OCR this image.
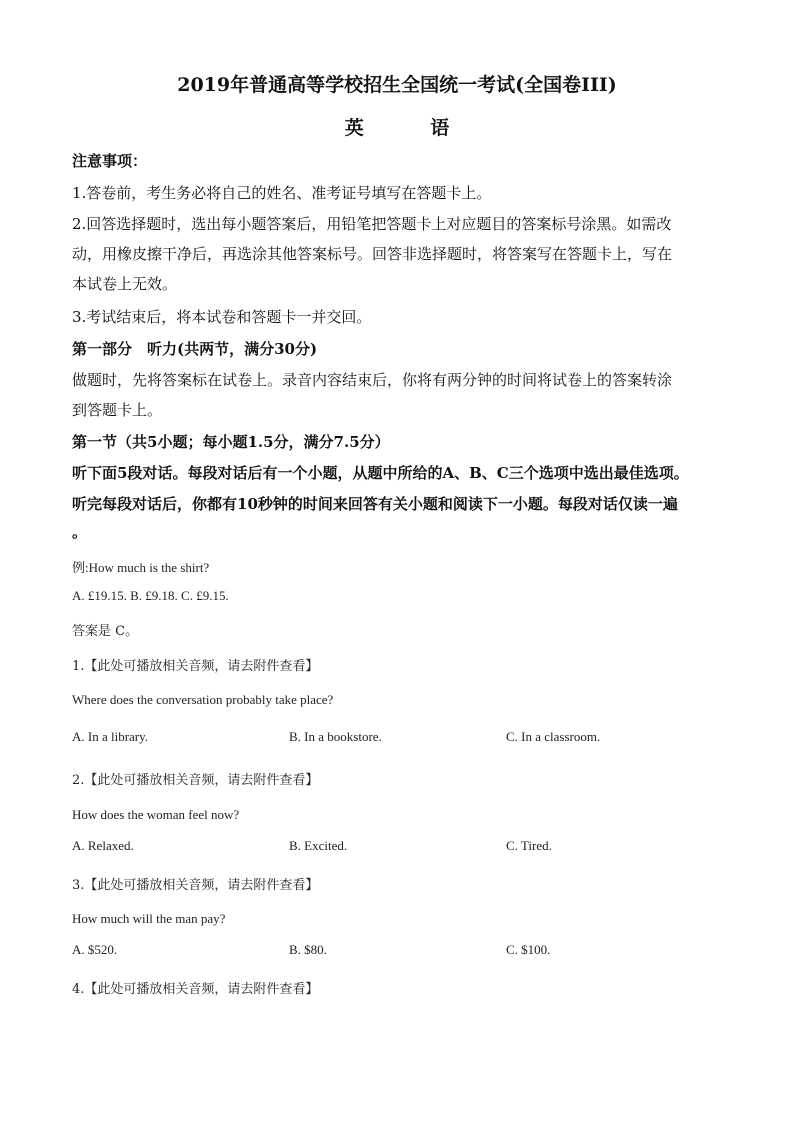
2019年普通高等学校招生全国统一考试(全国卷III)
英 语
注意事项：
1.答卷前，考生务必将自己的姓名、准考证号填写在答题卡上。
2.回答选择题时，选出每小题答案后，用铅笔把答题卡上对应题目的答案标号涂黑。如需改
动，用橡皮擦干净后，再选涂其他答案标号。回答非选择题时，将答案写在答题卡上，写在
本试卷上无效。
3.考试结束后，将本试卷和答题卡一并交回。
第一部分　听力(共两节，满分30分)
做题时，先将答案标在试卷上。录音内容结束后，你将有两分钟的时间将试卷上的答案转涂
到答题卡上。
第一节（共5小题；每小题1.5分，满分7.5分）
听下面5段对话。每段对话后有一个小题，从题中所给的A、B、C三个选项中选出最佳选项。
听完每段对话后，你都有10秒钟的时间来回答有关小题和阅读下一小题。每段对话仅读一遍
。
例:How much is the shirt?
A. £19.15. B. £9.18. C. £9.15.
答案是 C。
1.【此处可播放相关音频，请去附件查看】
Where does the conversation probably take place?
A. In a library.	B. In a bookstore.	C. In a classroom.
2.【此处可播放相关音频，请去附件查看】
How does the woman feel now?
A. Relaxed.	B. Excited.	C. Tired.
3.【此处可播放相关音频，请去附件查看】
How much will the man pay?
A. $520.	B. $80.	C. $100.
4.【此处可播放相关音频，请去附件查看】
